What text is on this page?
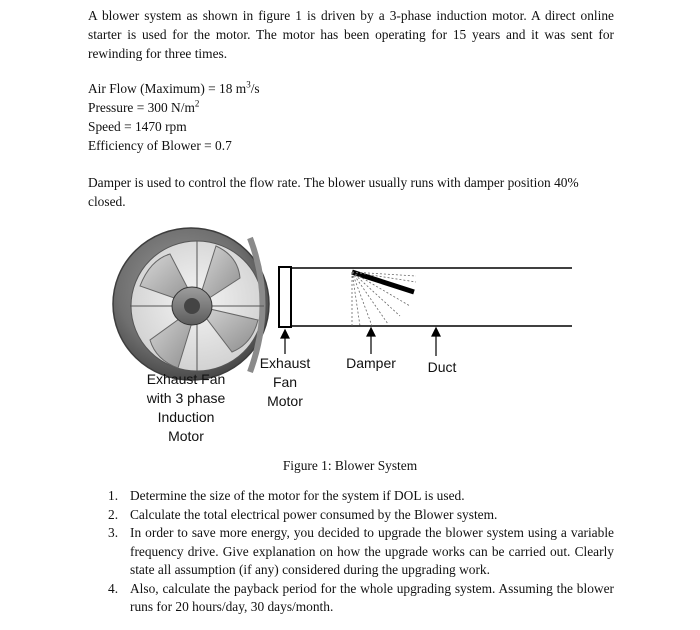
A blower system as shown in figure 1 is driven by a 3-phase induction motor. A direct online starter is used for the motor. The motor has been operating for 15 years and it was sent for rewinding for three times.

Air Flow (Maximum) = 18 $m^3/s$
Pressure = 300 $N/m^2$
Speed = 1470 rpm
Efficiency of Blower = 0.7

Damper is used to control the flow rate. The blower usually runs with damper position 40% closed.

Exhaust Fan
with 3 phase
Induction
Motor
Exhaust
Fan
Motor
Damper	Duct
Figure 1: Blower System
1. Determine the size of the motor for the system if DOL is used.
2. Calculate the total electrical power consumed by the Blower system.
3. In order to save more energy, you decided to upgrade the blower system using a variable frequency drive. Give explanation on how the upgrade works can be carried out. Clearly state all assumption (if any) considered during the upgrading work.
4. Also, calculate the payback period for the whole upgrading system. Assuming the blower runs for 20 hours/day, 30 days/month.
